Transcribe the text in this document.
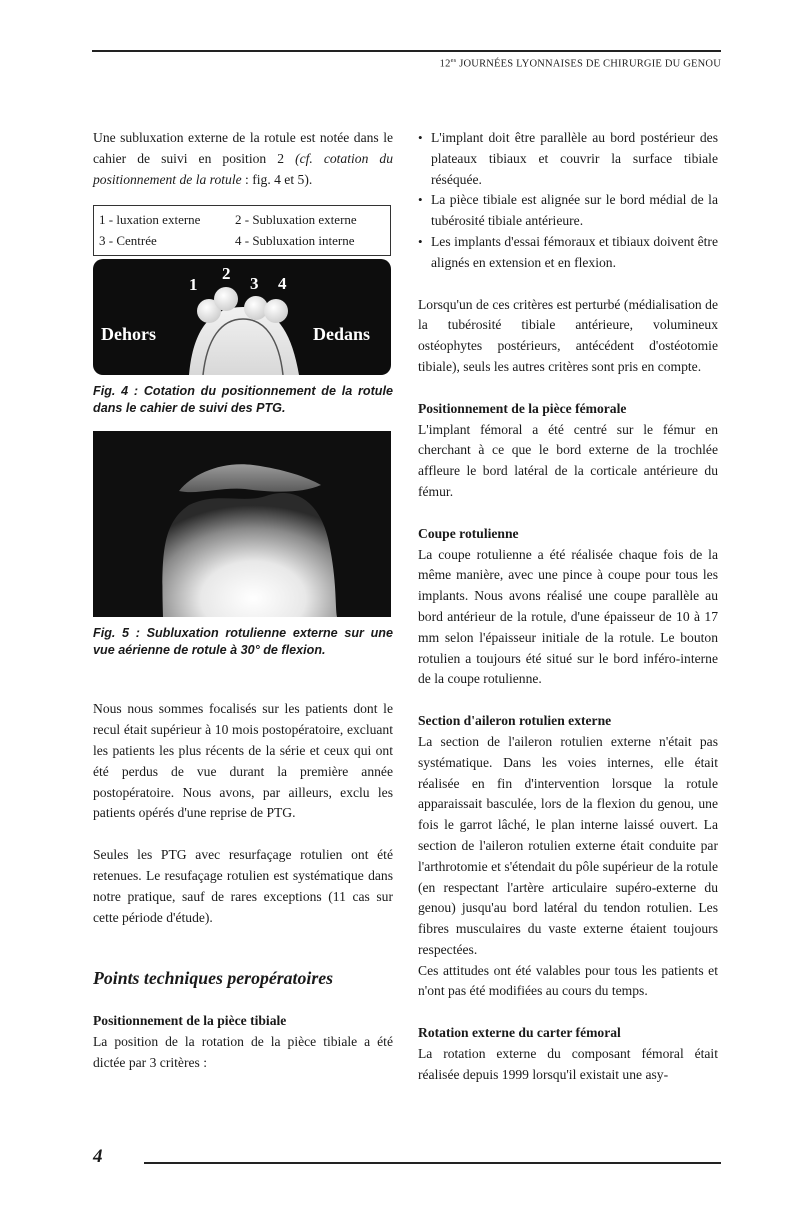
$12^{es}$ JOURNÉES LYONNAISES DE CHIRURGIE DU GENOU

Une subluxation externe de la rotule est notée dans le cahier de suivi en position 2 (cf. cotation du positionnement de la rotule : fig. 4 et 5).

1 - luxation externe	2 - Subluxation externe
3 - Centrée	4 - Subluxation interne
1
2
3 4
Dehors	Dedans

Fig. 4 : Cotation du positionnement de la rotule dans le cahier de suivi des PTG.

Fig. 5 : Subluxation rotulienne externe sur une vue aérienne de rotule à 30° de flexion.

Nous nous sommes focalisés sur les patients dont le recul était supérieur à 10 mois postopératoire, excluant les patients les plus récents de la série et ceux qui ont été perdus de vue durant la première année postopératoire. Nous avons, par ailleurs, exclu les patients opérés d'une reprise de PTG.

Seules les PTG avec resurfaçage rotulien ont été retenues. Le resufaçage rotulien est systématique dans notre pratique, sauf de rares exceptions (11 cas sur cette période d'étude).

Points techniques peropératoires
Positionnement de la pièce tibiale

La position de la rotation de la pièce tibiale a été dictée par 3 critères :

• L'implant doit être parallèle au bord postérieur des plateaux tibiaux et couvrir la surface tibiale réséquée.
• La pièce tibiale est alignée sur le bord médial de la tubérosité tibiale antérieure.
• Les implants d'essai fémoraux et tibiaux doivent être alignés en extension et en flexion.

Lorsqu'un de ces critères est perturbé (médialisation de la tubérosité tibiale antérieure, volumineux ostéophytes postérieurs, antécédent d'ostéotomie tibiale), seuls les autres critères sont pris en compte.

Positionnement de la pièce fémorale

L'implant fémoral a été centré sur le fémur en cherchant à ce que le bord externe de la trochlée affleure le bord latéral de la corticale antérieure du fémur.

Coupe rotulienne

La coupe rotulienne a été réalisée chaque fois de la même manière, avec une pince à coupe pour tous les implants. Nous avons réalisé une coupe parallèle au bord antérieur de la rotule, d'une épaisseur de 10 à 17 mm selon l'épaisseur initiale de la rotule. Le bouton rotulien a toujours été situé sur le bord inféro-interne de la coupe rotulienne.

Section d'aileron rotulien externe

La section de l'aileron rotulien externe n'était pas systématique. Dans les voies internes, elle était réalisée en fin d'intervention lorsque la rotule apparaissait basculée, lors de la flexion du genou, une fois le garrot lâché, le plan interne laissé ouvert. La section de l'aileron rotulien externe était conduite par l'arthrotomie et s'étendait du pôle supérieur de la rotule (en respectant l'artère articulaire supéro-externe du genou) jusqu'au bord latéral du tendon rotulien. Les fibres musculaires du vaste externe étaient toujours respectées.

Ces attitudes ont été valables pour tous les patients et n'ont pas été modifiées au cours du temps.

Rotation externe du carter fémoral

La rotation externe du composant fémoral était réalisée depuis 1999 lorsqu'il existait une asy-

4
